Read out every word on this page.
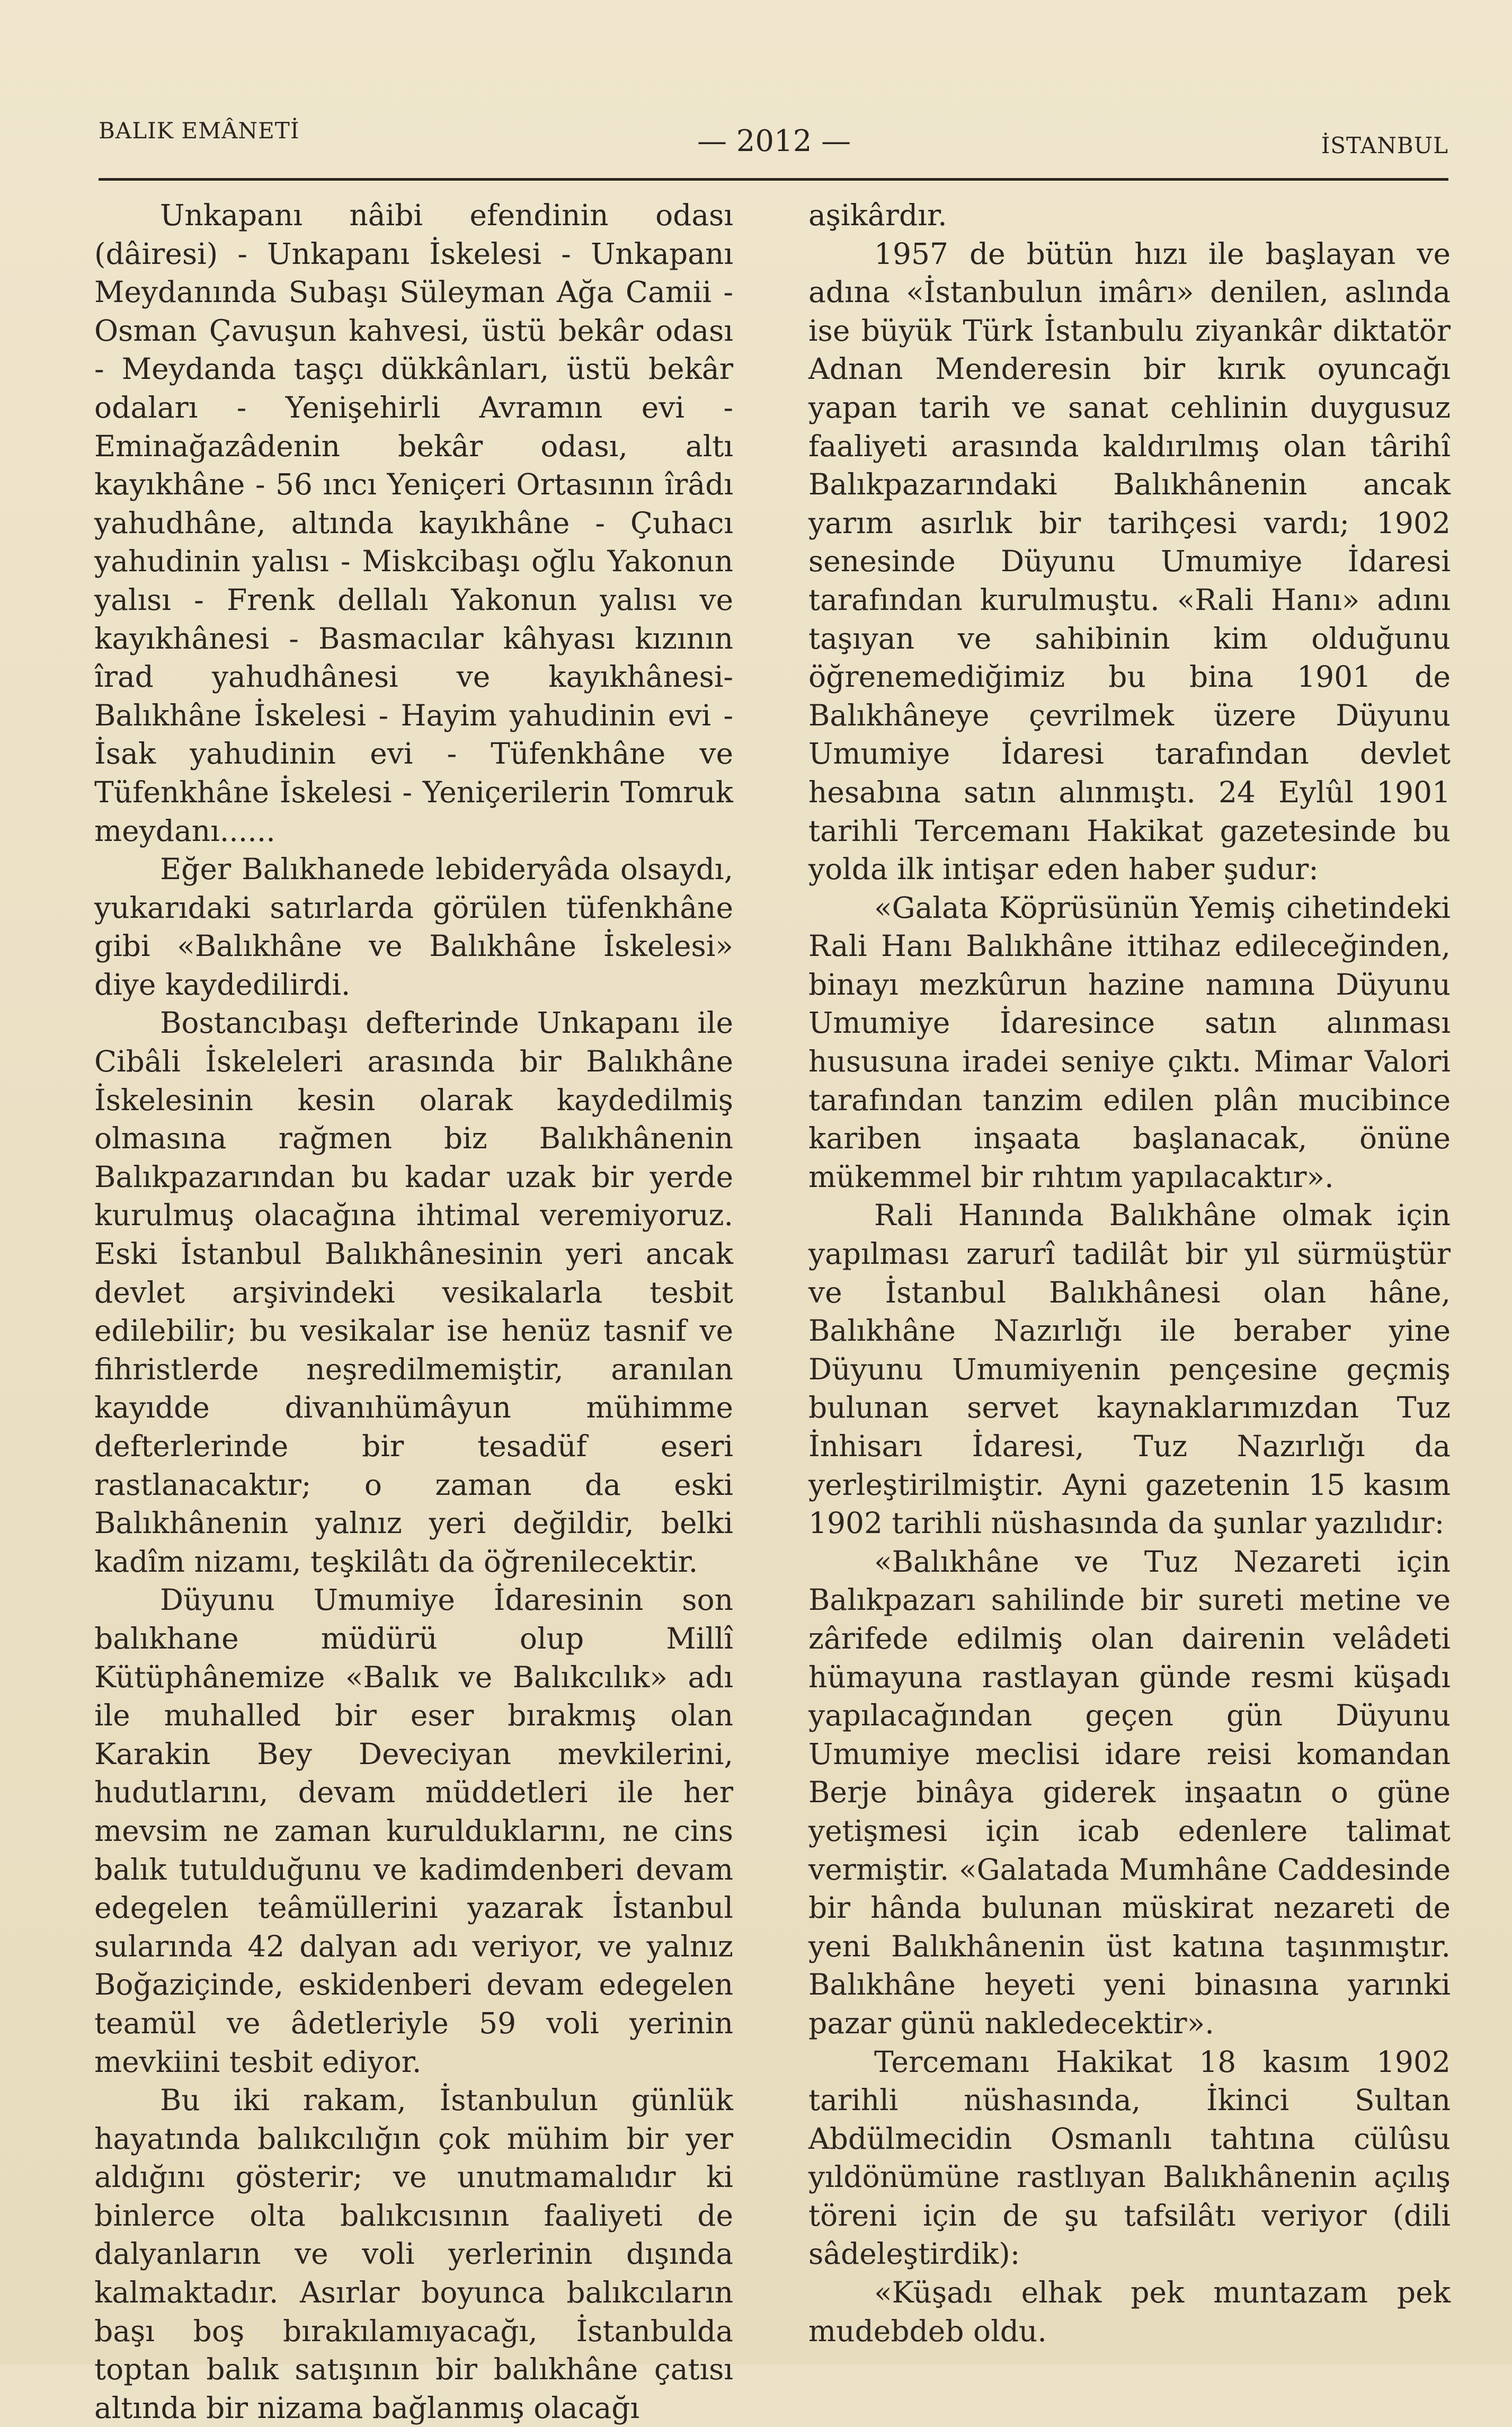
BALIK EMÂNETİ	— 2012 —	İSTANBUL

Unkapanı nâibi efendinin odası (dâiresi) - Unkapanı İskelesi - Unkapanı Meydanında Subaşı Süleyman Ağa Camii - Osman Çavuşun kahvesi, üstü bekâr odası - Meydanda taşçı dükkânları, üstü bekâr odaları - Yenişehirli Avramın evi - Eminağazâdenin bekâr odası, altı kayıkhâne - 56 ıncı Yeniçeri Ortasının îrâdı yahudhâne, altında kayıkhâne - Çuhacı yahudinin yalısı - Miskcibaşı oğlu Yakonun yalısı - Frenk dellalı Yakonun yalısı ve kayıkhânesi - Basmacılar kâhyası kızının îrad yahudhânesi ve kayıkhânesi- Balıkhâne İskelesi - Hayim yahudinin evi - İsak yahudinin evi - Tüfenkhâne ve Tüfenkhâne İskelesi - Yeniçerilerin Tomruk meydanı......

Eğer Balıkhanede lebideryâda olsaydı, yukarıdaki satırlarda görülen tüfenkhâne gibi «Balıkhâne ve Balıkhâne İskelesi» diye kaydedilirdi.

Bostancıbaşı defterinde Unkapanı ile Cibâli İskeleleri arasında bir Balıkhâne İskelesinin kesin olarak kaydedilmiş olmasına rağmen biz Balıkhânenin Balıkpazarından bu kadar uzak bir yerde kurulmuş olacağına ihtimal veremiyoruz. Eski İstanbul Balıkhânesinin yeri ancak devlet arşivindeki vesikalarla tesbit edilebilir; bu vesikalar ise henüz tasnif ve fihristlerde neşredilmemiştir, aranılan kayıdde divanıhümâyun mühimme defterlerinde bir tesadüf eseri rastlanacaktır; o zaman da eski Balıkhânenin yalnız yeri değildir, belki kadîm nizamı, teşkilâtı da öğrenilecektir.

Düyunu Umumiye İdaresinin son balıkhane müdürü olup Millî Kütüphânemize «Balık ve Balıkcılık» adı ile muhalled bir eser bırakmış olan Karakin Bey Deveciyan mevkilerini, hudutlarını, devam müddetleri ile her mevsim ne zaman kurulduklarını, ne cins balık tutulduğunu ve kadimdenberi devam edegelen teâmüllerini yazarak İstanbul sularında 42 dalyan adı veriyor, ve yalnız Boğaziçinde, eskidenberi devam edegelen teamül ve âdetleriyle 59 voli yerinin mevkiini tesbit ediyor.

Bu iki rakam, İstanbulun günlük hayatında balıkcılığın çok mühim bir yer aldığını gösterir; ve unutmamalıdır ki binlerce olta balıkcısının faaliyeti de dalyanların ve voli yerlerinin dışında kalmaktadır. Asırlar boyunca balıkcıların başı boş bırakılamıyacağı, İstanbulda toptan balık satışının bir balıkhâne çatısı altında bir nizama bağlanmış olacağı

aşikârdır.

1957 de bütün hızı ile başlayan ve adına «İstanbulun imârı» denilen, aslında ise büyük Türk İstanbulu ziyankâr diktatör Adnan Menderesin bir kırık oyuncağı yapan tarih ve sanat cehlinin duygusuz faaliyeti arasında kaldırılmış olan târihî Balıkpazarındaki Balıkhânenin ancak yarım asırlık bir tarihçesi vardı; 1902 senesinde Düyunu Umumiye İdaresi tarafından kurulmuştu. «Rali Hanı» adını taşıyan ve sahibinin kim olduğunu öğrenemediğimiz bu bina 1901 de Balıkhâneye çevrilmek üzere Düyunu Umumiye İdaresi tarafından devlet hesabına satın alınmıştı. 24 Eylûl 1901 tarihli Tercemanı Hakikat gazetesinde bu yolda ilk intişar eden haber şudur:

«Galata Köprüsünün Yemiş cihetindeki Rali Hanı Balıkhâne ittihaz edileceğinden, binayı mezkûrun hazine namına Düyunu Umumiye İdaresince satın alınması hususuna iradei seniye çıktı. Mimar Valori tarafından tanzim edilen plân mucibince kariben inşaata başlanacak, önüne mükemmel bir rıhtım yapılacaktır».

Rali Hanında Balıkhâne olmak için yapılması zarurî tadilât bir yıl sürmüştür ve İstanbul Balıkhânesi olan hâne, Balıkhâne Nazırlığı ile beraber yine Düyunu Umumiyenin pençesine geçmiş bulunan servet kaynaklarımızdan Tuz İnhisarı İdaresi, Tuz Nazırlığı da yerleştirilmiştir. Ayni gazetenin 15 kasım 1902 tarihli nüshasında da şunlar yazılıdır:

«Balıkhâne ve Tuz Nezareti için Balıkpazarı sahilinde bir sureti metine ve zârifede edilmiş olan dairenin velâdeti hümayuna rastlayan günde resmi küşadı yapılacağından geçen gün Düyunu Umumiye meclisi idare reisi komandan Berje binâya giderek inşaatın o güne yetişmesi için icab edenlere talimat vermiştir. «Galatada Mumhâne Caddesinde bir hânda bulunan müskirat nezareti de yeni Balıkhânenin üst katına taşınmıştır. Balıkhâne heyeti yeni binasına yarınki pazar günü nakledecektir».

Tercemanı Hakikat 18 kasım 1902 tarihli nüshasında, İkinci Sultan Abdülmecidin Osmanlı tahtına cülûsu yıldönümüne rastlıyan Balıkhânenin açılış töreni için de şu tafsilâtı veriyor (dili sâdeleştirdik):

«Küşadı elhak pek muntazam pek mudebdeb oldu.
